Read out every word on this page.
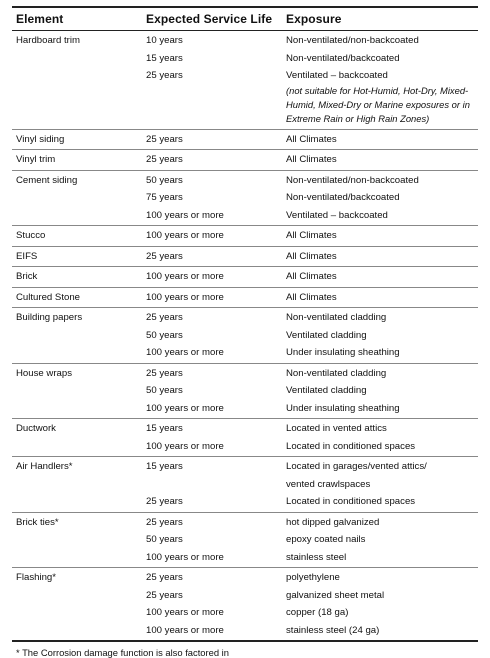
Element	Expected Service Life	Exposure
Hardboard trim	10 years	Non-ventilated/non-backcoated
15 years	Non-ventilated/backcoated
25 years	Ventilated – backcoated
(not suitable for Hot-Humid, Hot-Dry, Mixed-Humid, Mixed-Dry or Marine exposures or in Extreme Rain or High Rain Zones)
Vinyl siding	25 years	All Climates
Vinyl trim	25 years	All Climates
Cement siding	50 years	Non-ventilated/non-backcoated
75 years	Non-ventilated/backcoated
100 years or more	Ventilated – backcoated
Stucco	100 years or more	All Climates
EIFS	25 years	All Climates
Brick	100 years or more	All Climates
Cultured Stone	100 years or more	All Climates
Building papers	25 years	Non-ventilated cladding
50 years	Ventilated cladding
100 years or more	Under insulating sheathing
House wraps	25 years	Non-ventilated cladding
50 years	Ventilated cladding
100 years or more	Under insulating sheathing
Ductwork	15 years	Located in vented attics
100 years or more	Located in conditioned spaces
Air Handlers*	15 years	Located in garages/vented attics/
vented crawlspaces
25 years	Located in conditioned spaces
Brick ties*	25 years	hot dipped galvanized
50 years	epoxy coated nails
100 years or more	stainless steel
Flashing*	25 years	polyethylene
25 years	galvanized sheet metal
100 years or more	copper (18 ga)
100 years or more	stainless steel (24 ga)
* The Corrosion damage function is also factored in
